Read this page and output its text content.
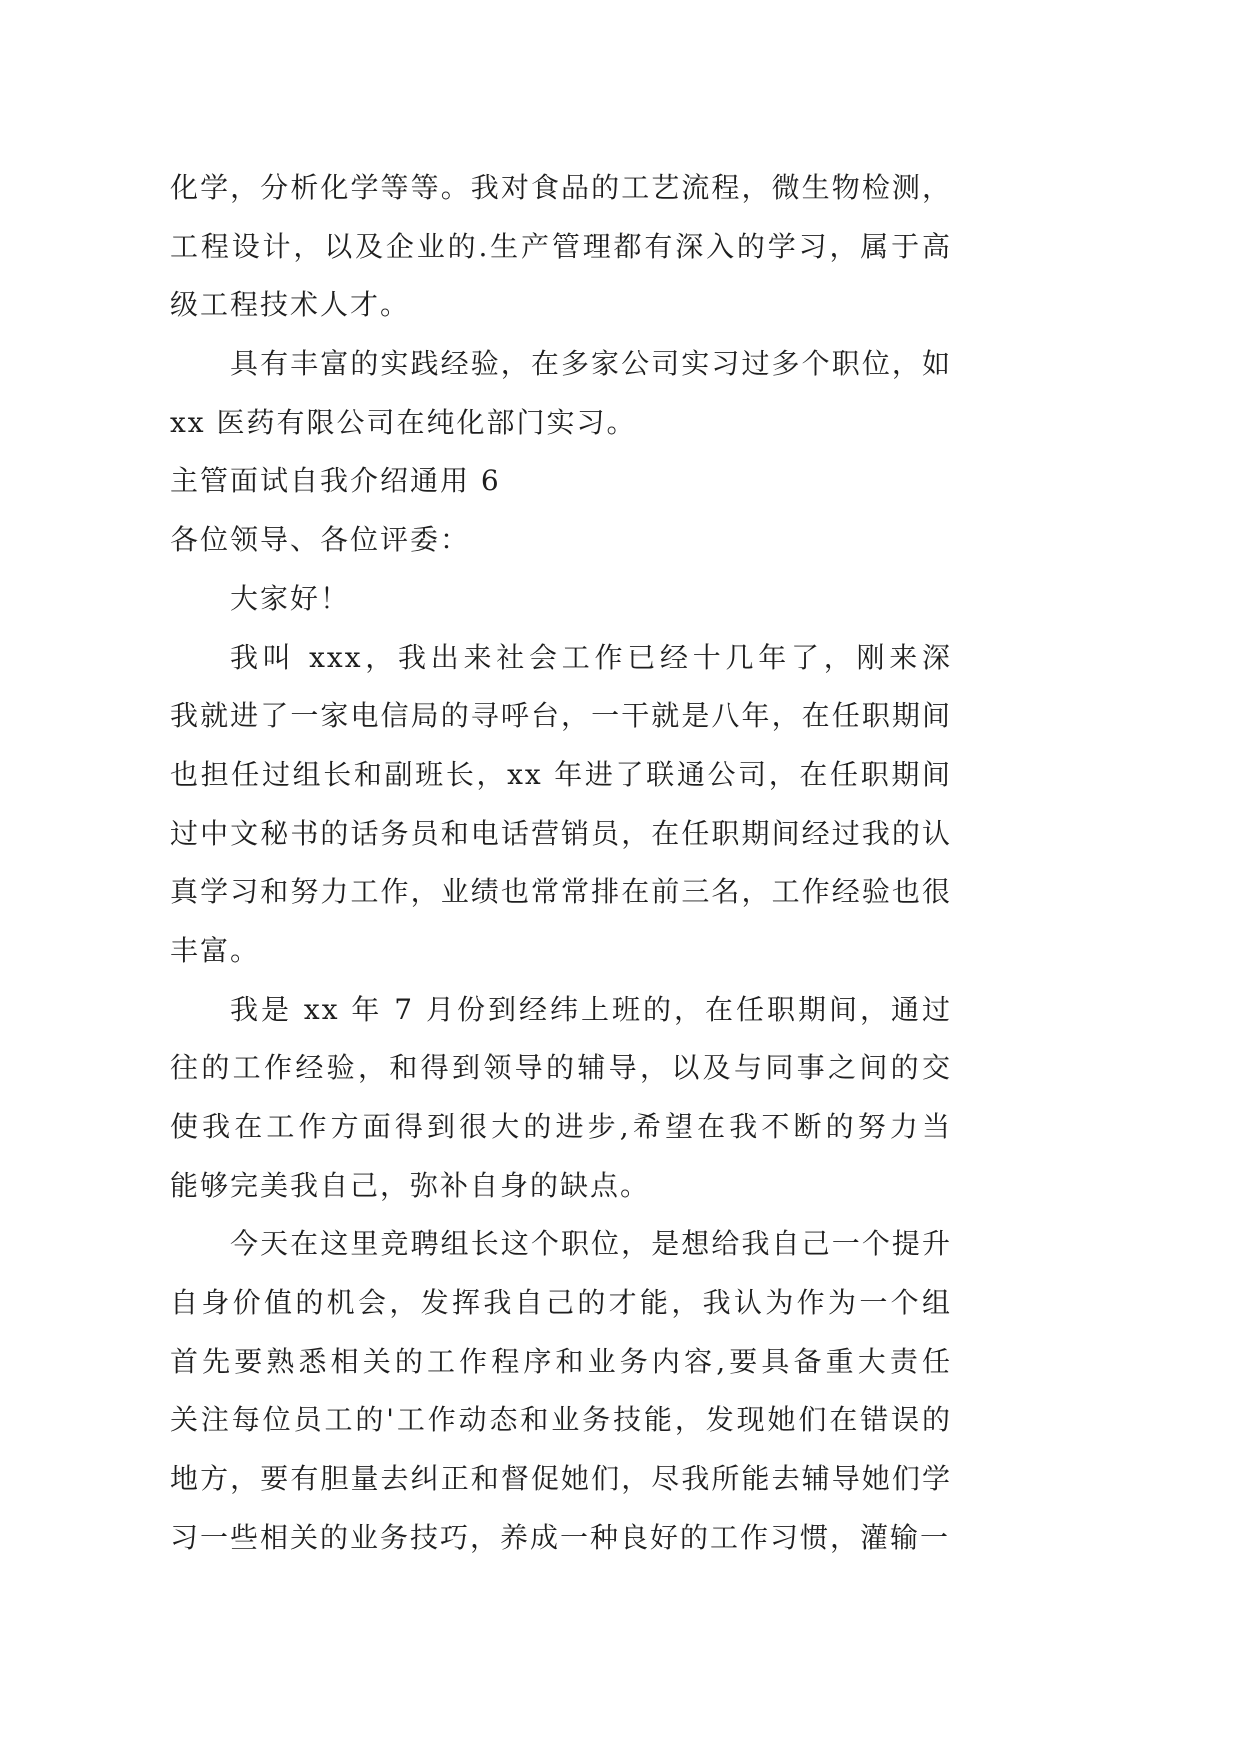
化学，分析化学等等。我对食品的工艺流程，微生物检测，
工程设计，以及企业的.生产管理都有深入的学习，属于高
级工程技术人才。
具有丰富的实践经验，在多家公司实习过多个职位，如
xx 医药有限公司在纯化部门实习。
主管面试自我介绍通用 6
各位领导、各位评委：
大家好！
我叫 xxx，我出来社会工作已经十几年了，刚来深
我就进了一家电信局的寻呼台，一干就是八年，在任职期间
也担任过组长和副班长，xx 年进了联通公司，在任职期间
过中文秘书的话务员和电话营销员，在任职期间经过我的认
真学习和努力工作，业绩也常常排在前三名，工作经验也很
丰富。
我是 xx 年 7 月份到经纬上班的，在任职期间，通过
往的工作经验，和得到领导的辅导，以及与同事之间的交
使我在工作方面得到很大的进步,希望在我不断的努力当
能够完美我自己，弥补自身的缺点。
今天在这里竞聘组长这个职位，是想给我自己一个提升
自身价值的机会，发挥我自己的才能，我认为作为一个组
首先要熟悉相关的工作程序和业务内容,要具备重大责任
关注每位员工的'工作动态和业务技能，发现她们在错误的
地方，要有胆量去纠正和督促她们，尽我所能去辅导她们学
习一些相关的业务技巧，养成一种良好的工作习惯，灌输一
